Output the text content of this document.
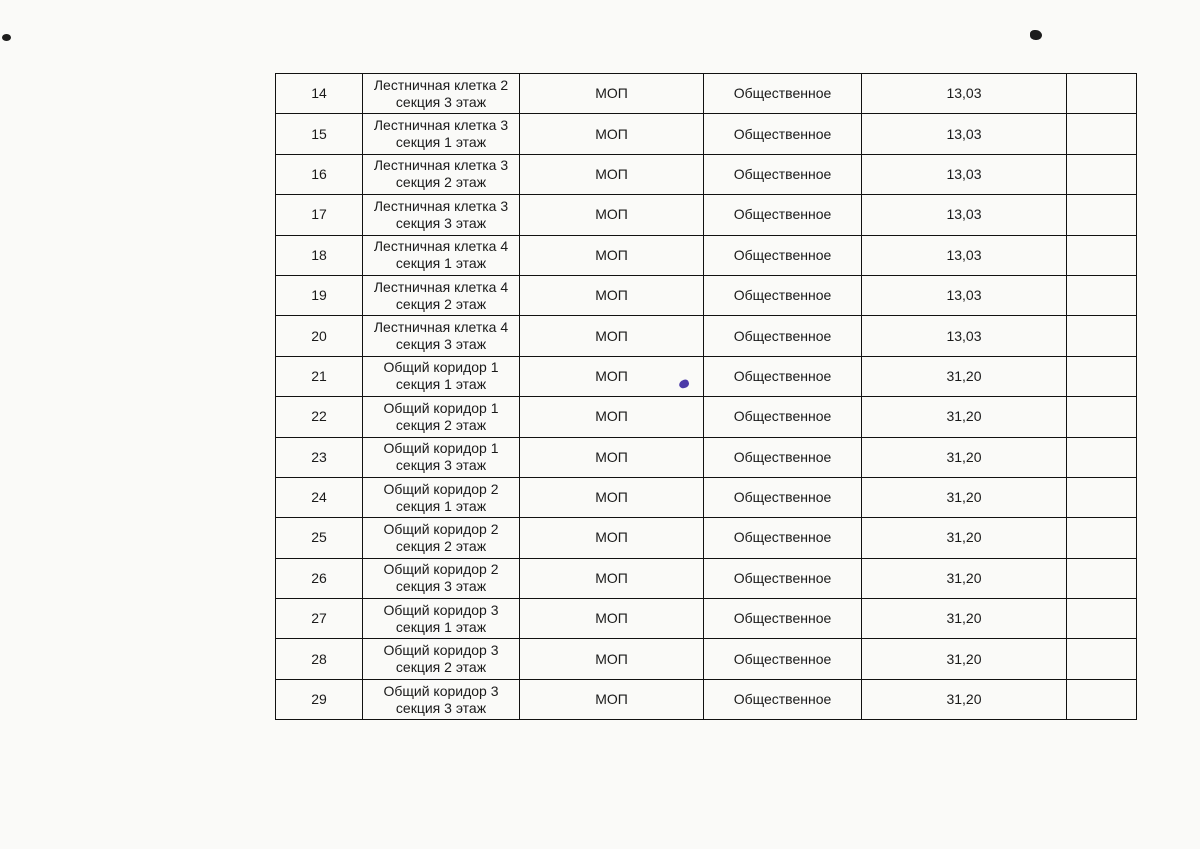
14	Лестничная клетка 2
секция 3 этаж	МОП	Общественное	13,03	
15	Лестничная клетка 3
секция 1 этаж	МОП	Общественное	13,03	
16	Лестничная клетка 3
секция 2 этаж	МОП	Общественное	13,03	
17	Лестничная клетка 3
секция 3 этаж	МОП	Общественное	13,03	
18	Лестничная клетка 4
секция 1 этаж	МОП	Общественное	13,03	
19	Лестничная клетка 4
секция 2 этаж	МОП	Общественное	13,03	
20	Лестничная клетка 4
секция 3 этаж	МОП	Общественное	13,03	
21	Общий коридор 1
секция 1 этаж	МОП	Общественное	31,20	
22	Общий коридор 1
секция 2 этаж	МОП	Общественное	31,20	
23	Общий коридор 1
секция 3 этаж	МОП	Общественное	31,20	
24	Общий коридор 2
секция 1 этаж	МОП	Общественное	31,20	
25	Общий коридор 2
секция 2 этаж	МОП	Общественное	31,20	
26	Общий коридор 2
секция 3 этаж	МОП	Общественное	31,20	
27	Общий коридор 3
секция 1 этаж	МОП	Общественное	31,20	
28	Общий коридор 3
секция 2 этаж	МОП	Общественное	31,20	
29	Общий коридор 3
секция 3 этаж	МОП	Общественное	31,20	
